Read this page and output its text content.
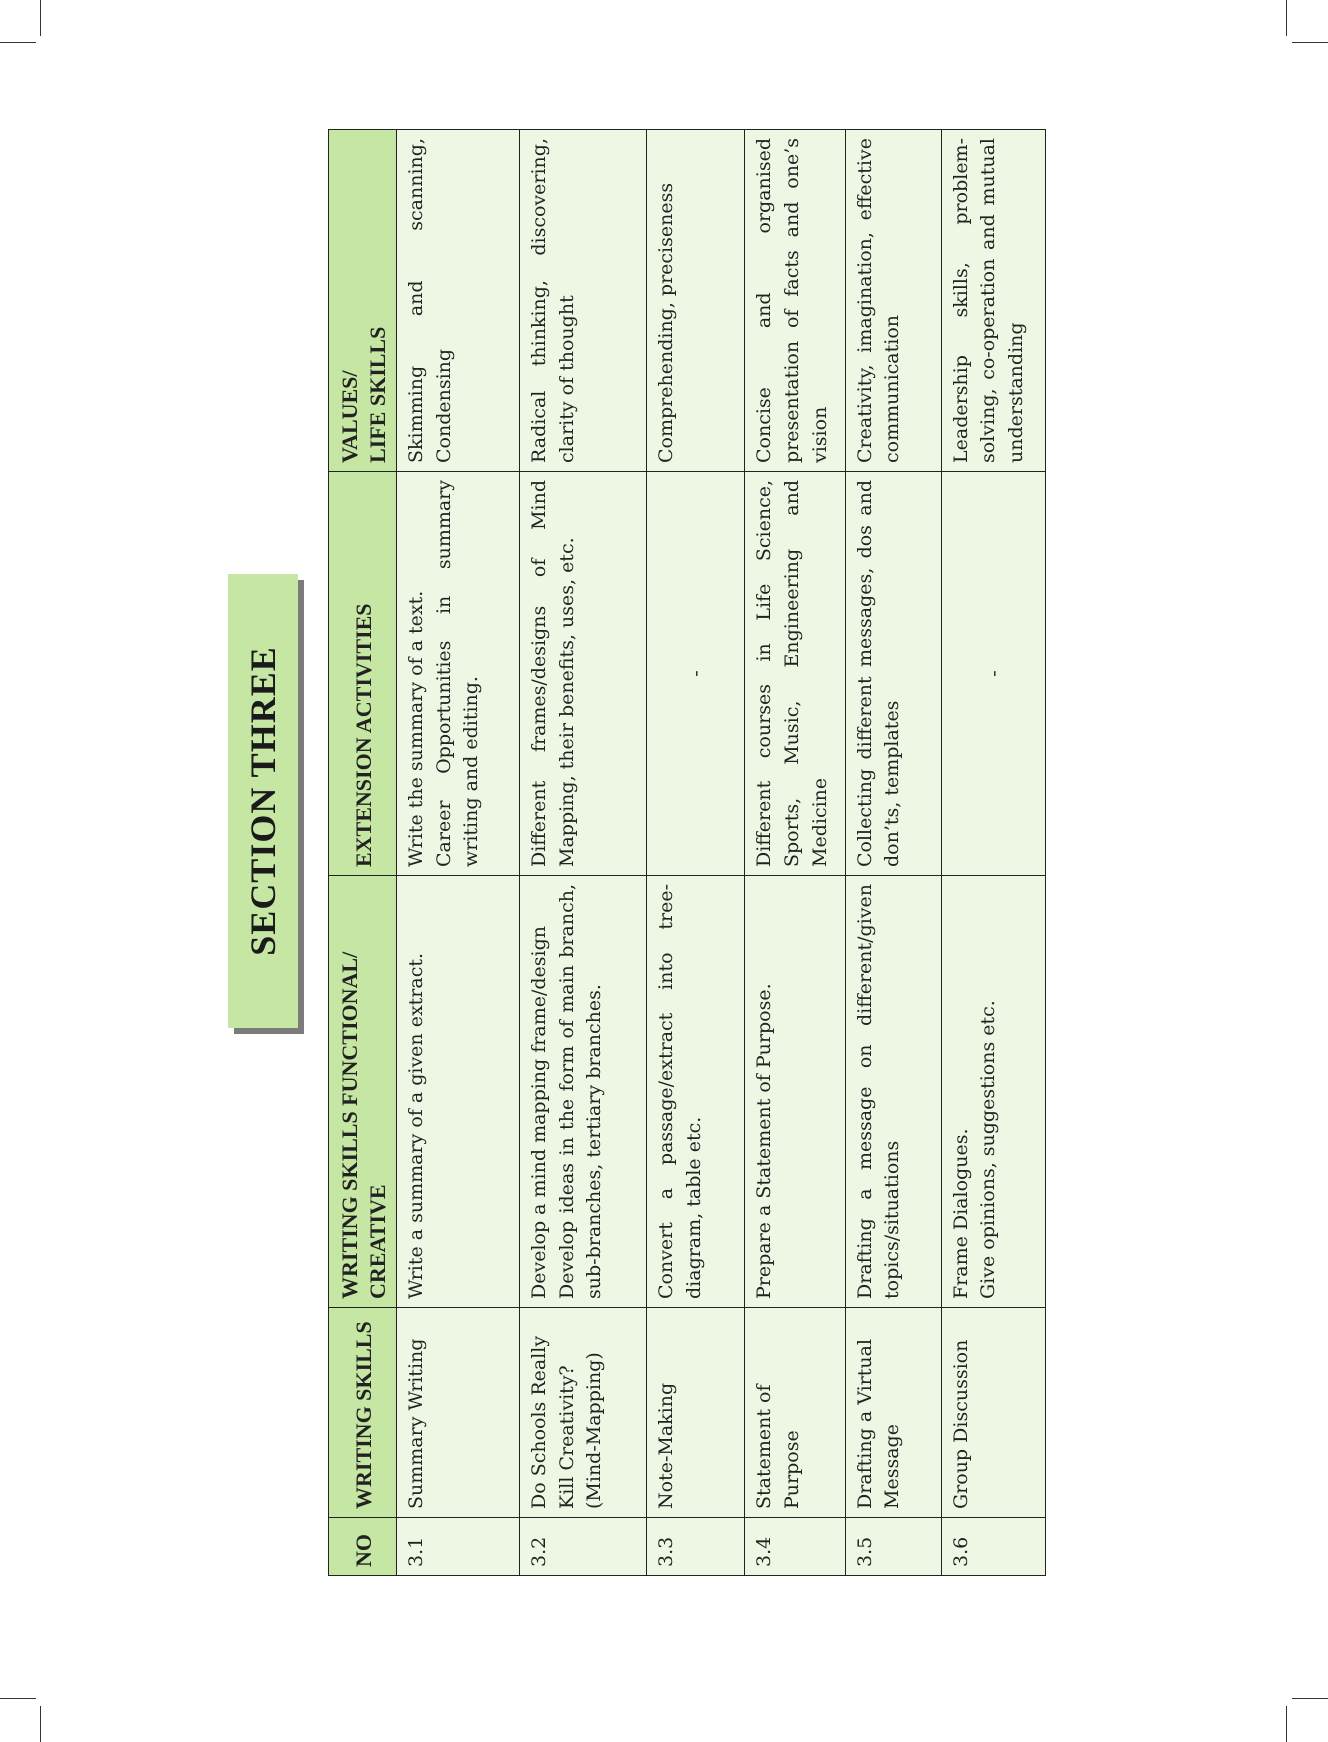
SECTION THREE
NO	WRITING SKILLS	WRITING SKILLS FUNCTIONAL/ CREATIVE	EXTENSION ACTIVITIES	VALUES/ LIFE SKILLS

3.1	Summary Writing	Write a summary of a given extract.	Write the summary of a text. Career Opportunities in summary writing and editing.	Skimming and scanning, Condensing

3.2	Do Schools Really Kill Creativity? (Mind-Mapping)	Develop a mind mapping frame/design Develop ideas in the form of main branch, sub-branches, tertiary branches.	Different frames/designs of Mind Mapping, their benefits, uses, etc.	Radical thinking, discovering, clarity of thought

3.3	Note-Making	Convert a passage/extract into tree-diagram, table etc.	-	Comprehending, preciseness

3.4	Statement of Purpose	Prepare a Statement of Purpose.	Different courses in Life Science, Sports, Music, Engineering and Medicine	Concise and organised presentation of facts and one’s vision

3.5	Drafting a Virtual Message	Drafting a message on different/given topics/situations	Collecting different messages, dos and don’ts, templates	Creativity, imagination, effective communication

3.6	Group Discussion	Frame Dialogues. Give opinions, suggestions etc.	-	Leadership skills, problem-solving, co-operation and mutual understanding
